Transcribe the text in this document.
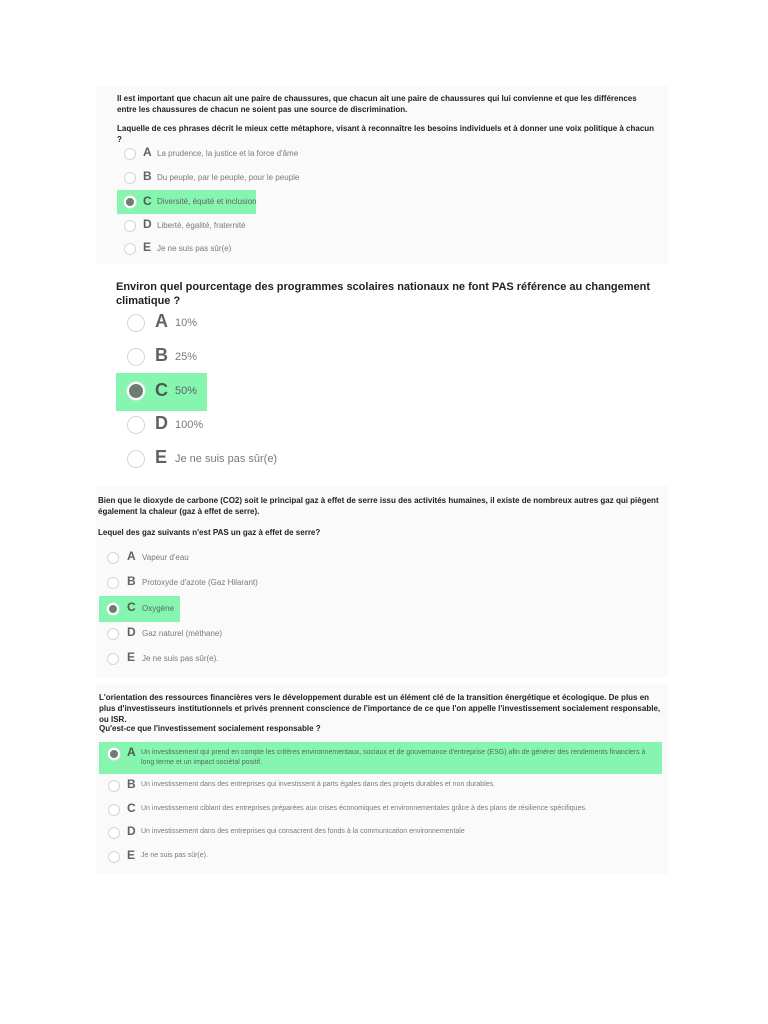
Il est important que chacun ait une paire de chaussures, que chacun ait une paire de chaussures qui lui convienne et que les différences entre les chaussures de chacun ne soient pas une source de discrimination.
Laquelle de ces phrases décrit le mieux cette métaphore, visant à reconnaître les besoins individuels et à donner une voix politique à chacun ?
A La prudence, la justice et la force d'âme
B Du peuple, par le peuple, pour le peuple
C Diversité, équité et inclusion
D Liberté, égalité, fraternité
E Je ne suis pas sûr(e)
Environ quel pourcentage des programmes scolaires nationaux ne font PAS référence au changement climatique ?
A 10%
B 25%
C 50%
D 100%
E Je ne suis pas sûr(e)
Bien que le dioxyde de carbone (CO2) soit le principal gaz à effet de serre issu des activités humaines, il existe de nombreux autres gaz qui piègent également la chaleur (gaz à effet de serre).
Lequel des gaz suivants n'est PAS un gaz à effet de serre?
A Vapeur d'eau
B Protoxyde d'azote (Gaz Hilarant)
C Oxygène
D Gaz naturel (méthane)
E Je ne suis pas sûr(e).
L'orientation des ressources financières vers le développement durable est un élément clé de la transition énergétique et écologique. De plus en plus d'investisseurs institutionnels et privés prennent conscience de l'importance de ce que l'on appelle l'investissement socialement responsable, ou ISR.
Qu'est-ce que l'investissement socialement responsable ?
A Un investissement qui prend en compte les critères environnementaux, sociaux et de gouvernance d'entreprise (ESG) afin de générer des rendements financiers à long terme et un impact sociétal positif.
B Un investissement dans des entreprises qui investissent à parts égales dans des projets durables et non durables.
C Un investissement ciblant des entreprises préparées aux crises économiques et environnementales grâce à des plans de résilience spécifiques.
D Un investissement dans des entreprises qui consacrent des fonds à la communication environnementale
E Je ne suis pas sûr(e).
